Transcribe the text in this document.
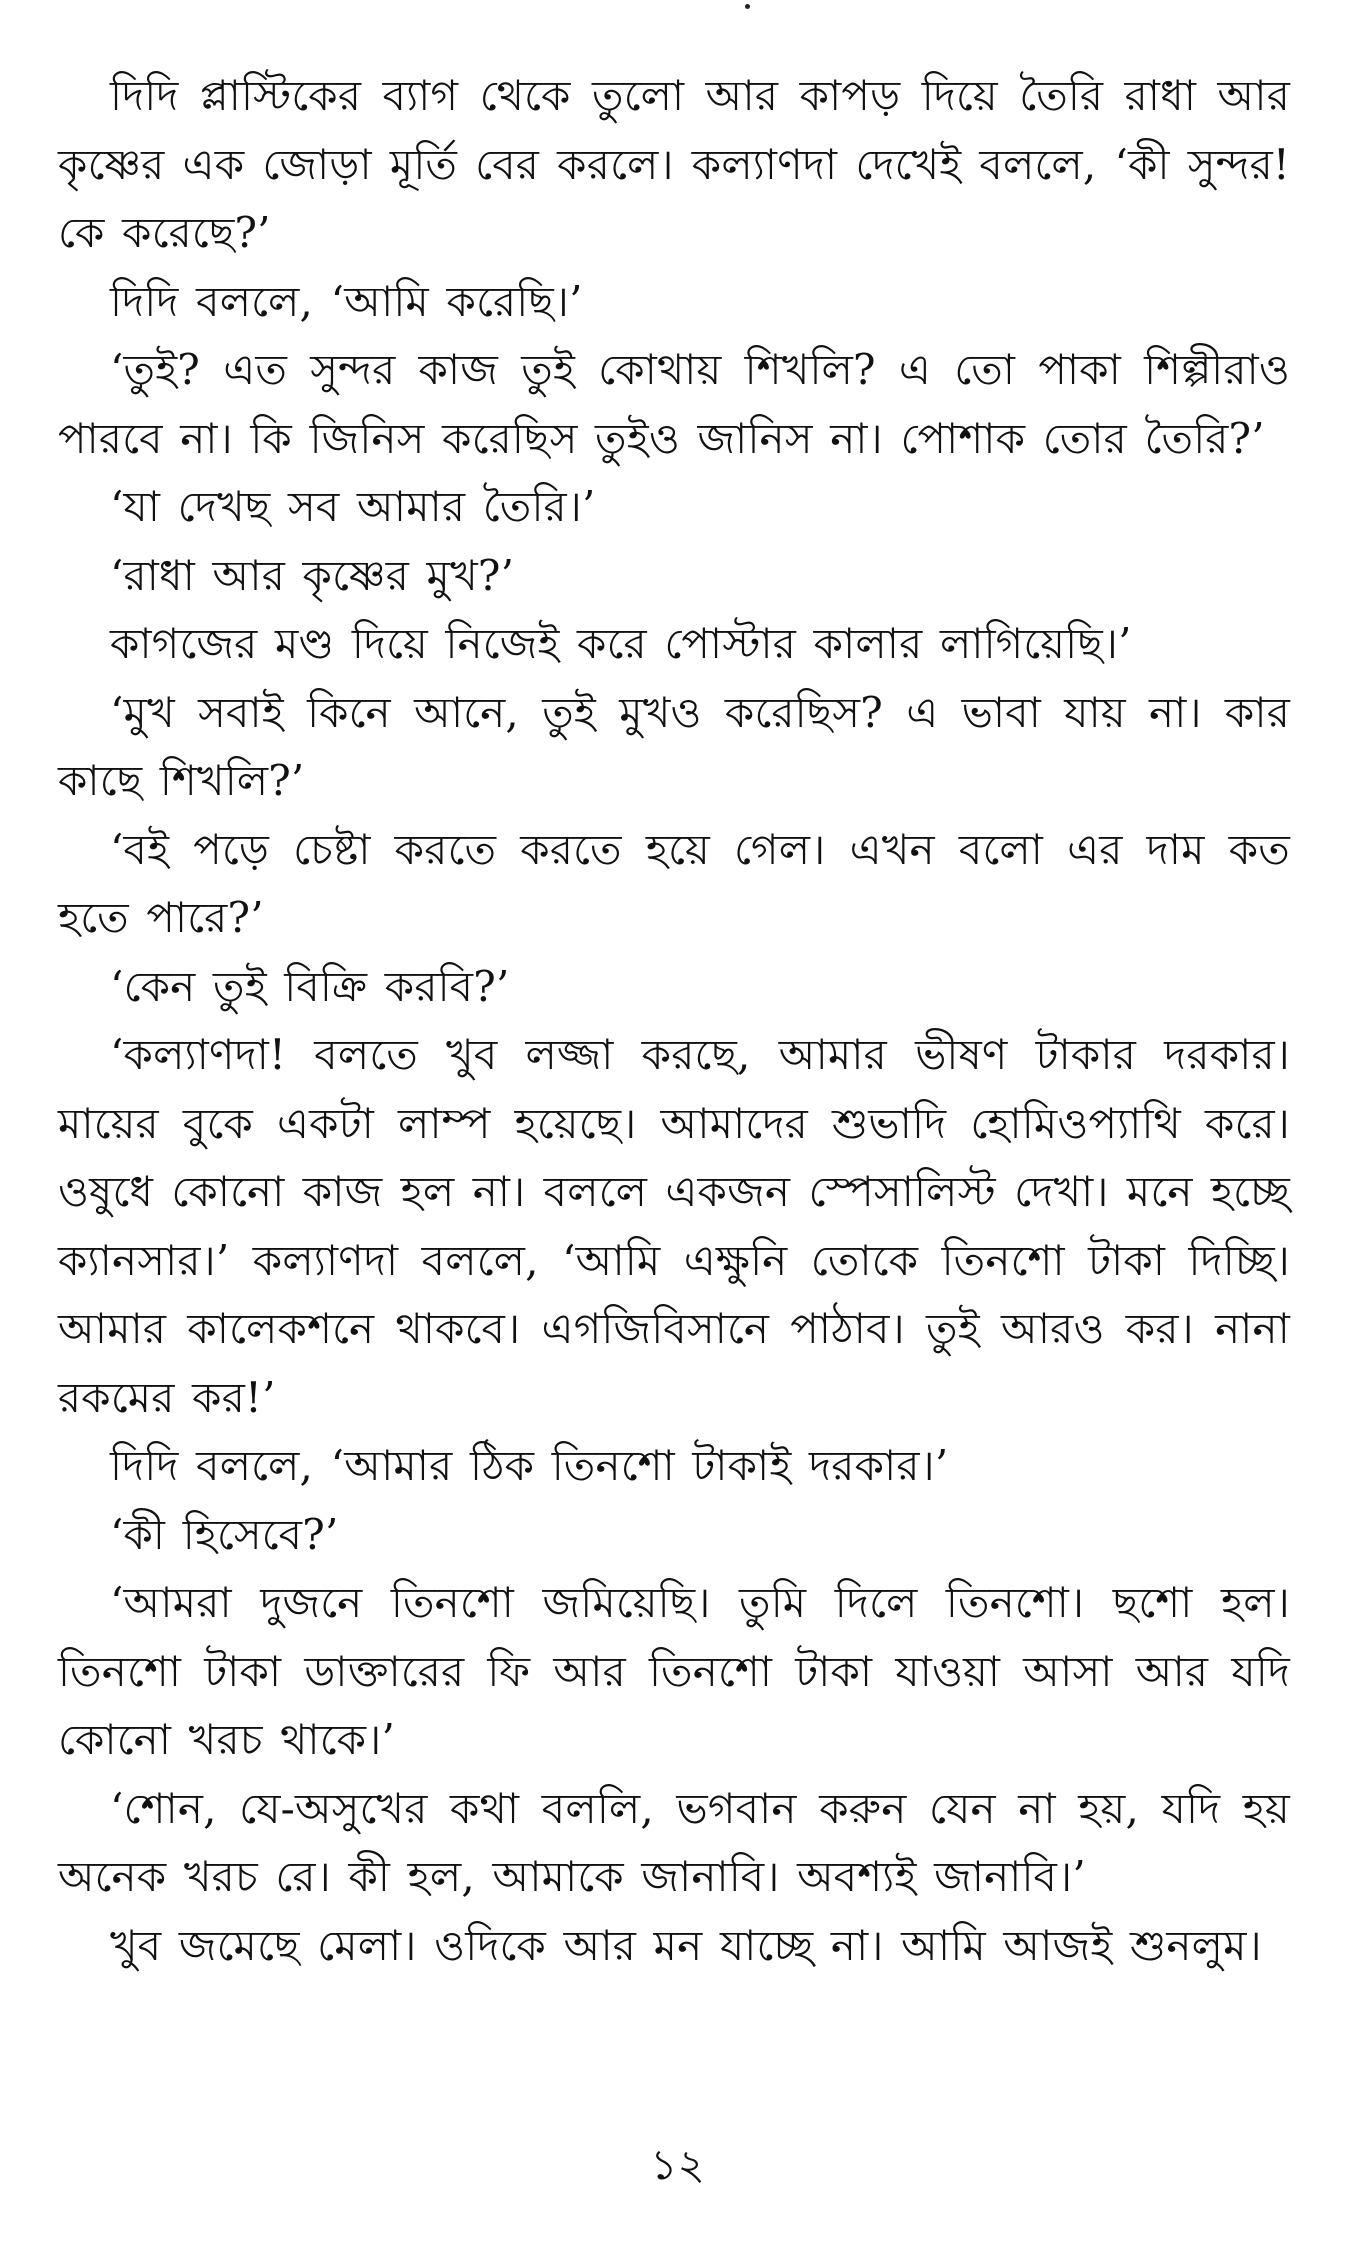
দিদি প্লাস্টিকের ব্যাগ থেকে তুলো আর কাপড় দিয়ে তৈরি রাধা আর কৃষ্ণের এক জোড়া মূর্তি বের করলে। কল্যাণদা দেখেই বললে, ‘কী সুন্দর! কে করেছে?’

দিদি বললে, ‘আমি করেছি।’

‘তুই? এত সুন্দর কাজ তুই কোথায় শিখলি? এ তো পাকা শিল্পীরাও পারবে না। কি জিনিস করেছিস তুইও জানিস না। পোশাক তোর তৈরি?’

‘যা দেখছ সব আমার তৈরি।’

‘রাধা আর কৃষ্ণের মুখ?’

কাগজের মণ্ড দিয়ে নিজেই করে পোস্টার কালার লাগিয়েছি।’

‘মুখ সবাই কিনে আনে, তুই মুখও করেছিস? এ ভাবা যায় না। কার কাছে শিখলি?’

‘বই পড়ে চেষ্টা করতে করতে হয়ে গেল। এখন বলো এর দাম কত হতে পারে?’

‘কেন তুই বিক্রি করবি?’

‘কল্যাণদা! বলতে খুব লজ্জা করছে, আমার ভীষণ টাকার দরকার। মায়ের বুকে একটা লাম্প হয়েছে। আমাদের শুভাদি হোমিওপ্যাথি করে। ওষুধে কোনো কাজ হল না। বললে একজন স্পেসালিস্ট দেখা। মনে হচ্ছে ক্যানসার।’ কল্যাণদা বললে, ‘আমি এক্ষুনি তোকে তিনশো টাকা দিচ্ছি। আমার কালেকশনে থাকবে। এগজিবিসানে পাঠাব। তুই আরও কর। নানা রকমের কর!’

দিদি বললে, ‘আমার ঠিক তিনশো টাকাই দরকার।’

‘কী হিসেবে?’

‘আমরা দুজনে তিনশো জমিয়েছি। তুমি দিলে তিনশো। ছশো হল। তিনশো টাকা ডাক্তারের ফি আর তিনশো টাকা যাওয়া আসা আর যদি কোনো খরচ থাকে।’

‘শোন, যে-অসুখের কথা বললি, ভগবান করুন যেন না হয়, যদি হয় অনেক খরচ রে। কী হল, আমাকে জানাবি। অবশ্যই জানাবি।’

খুব জমেছে মেলা। ওদিকে আর মন যাচ্ছে না। আমি আজই শুনলুম।

১২
